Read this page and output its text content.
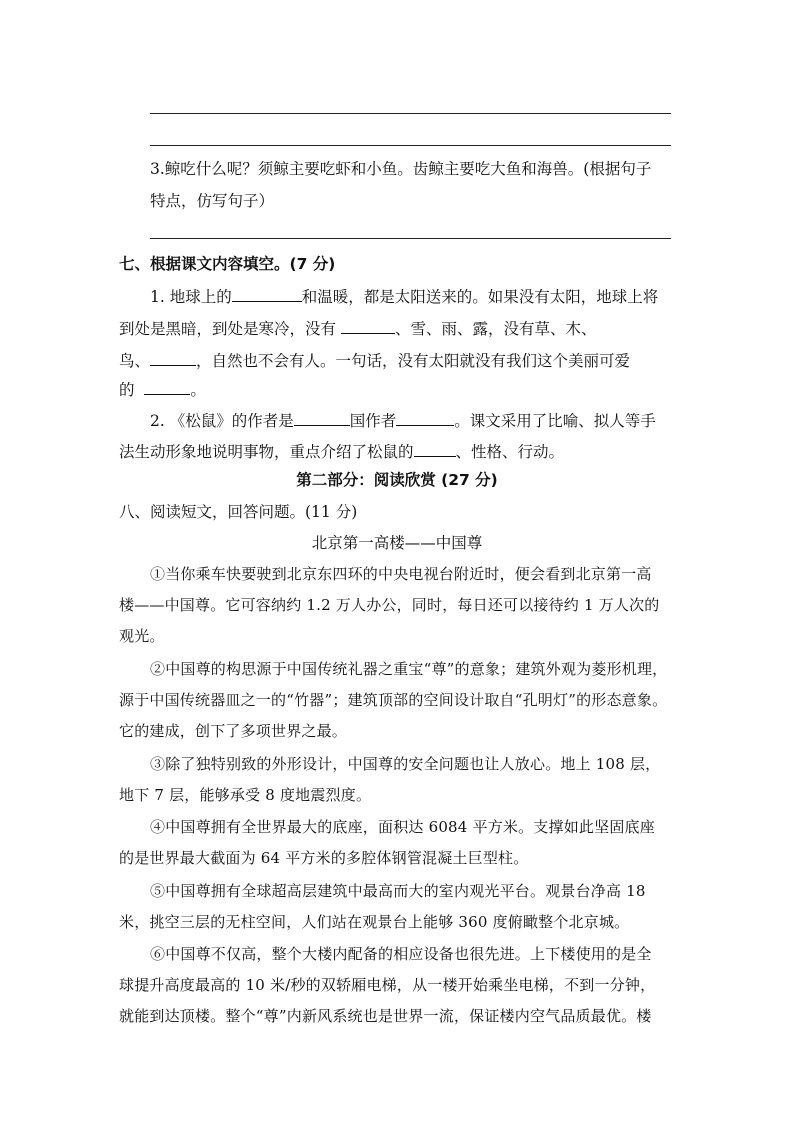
3.鲸吃什么呢？须鲸主要吃虾和小鱼。齿鲸主要吃大鱼和海兽。(根据句子
特点，仿写句子）
七、根据课文内容填空。(7 分)
1. 地球上的	和温暖，都是太阳送来的。如果没有太阳，地球上将
到处是黑暗，到处是寒冷，没有	、雪、雨、露，没有草、木、
鸟、	，自然也不会有人。一句话，没有太阳就没有我们这个美丽可爱
的	。
2. 《松鼠》的作者是	国作者	。课文采用了比喻、拟人等手
法生动形象地说明事物，重点介绍了松鼠的	、性格、行动。
第二部分：阅读欣赏 (27 分)
八、阅读短文，回答问题。(11 分)
北京第一高楼——中国尊
①当你乘车快要驶到北京东四环的中央电视台附近时，便会看到北京第一高
楼——中国尊。它可容纳约 1.2 万人办公，同时，每日还可以接待约 1 万人次的
观光。
②中国尊的构思源于中国传统礼器之重宝“尊”的意象；建筑外观为菱形机理，
源于中国传统器皿之一的“竹器”；建筑顶部的空间设计取自“孔明灯”的形态意象。
它的建成，创下了多项世界之最。
③除了独特别致的外形设计，中国尊的安全问题也让人放心。地上 108 层，
地下 7 层，能够承受 8 度地震烈度。
④中国尊拥有全世界最大的底座，面积达 6084 平方米。支撑如此坚固底座
的是世界最大截面为 64 平方米的多腔体钢管混凝土巨型柱。
⑤中国尊拥有全球超高层建筑中最高而大的室内观光平台。观景台净高 18
米，挑空三层的无柱空间，人们站在观景台上能够 360 度俯瞰整个北京城。
⑥中国尊不仅高，整个大楼内配备的相应设备也很先进。上下楼使用的是全
球提升高度最高的 10 米/秒的双轿厢电梯，从一楼开始乘坐电梯，不到一分钟，
就能到达顶楼。整个“尊”内新风系统也是世界一流，保证楼内空气品质最优。楼
